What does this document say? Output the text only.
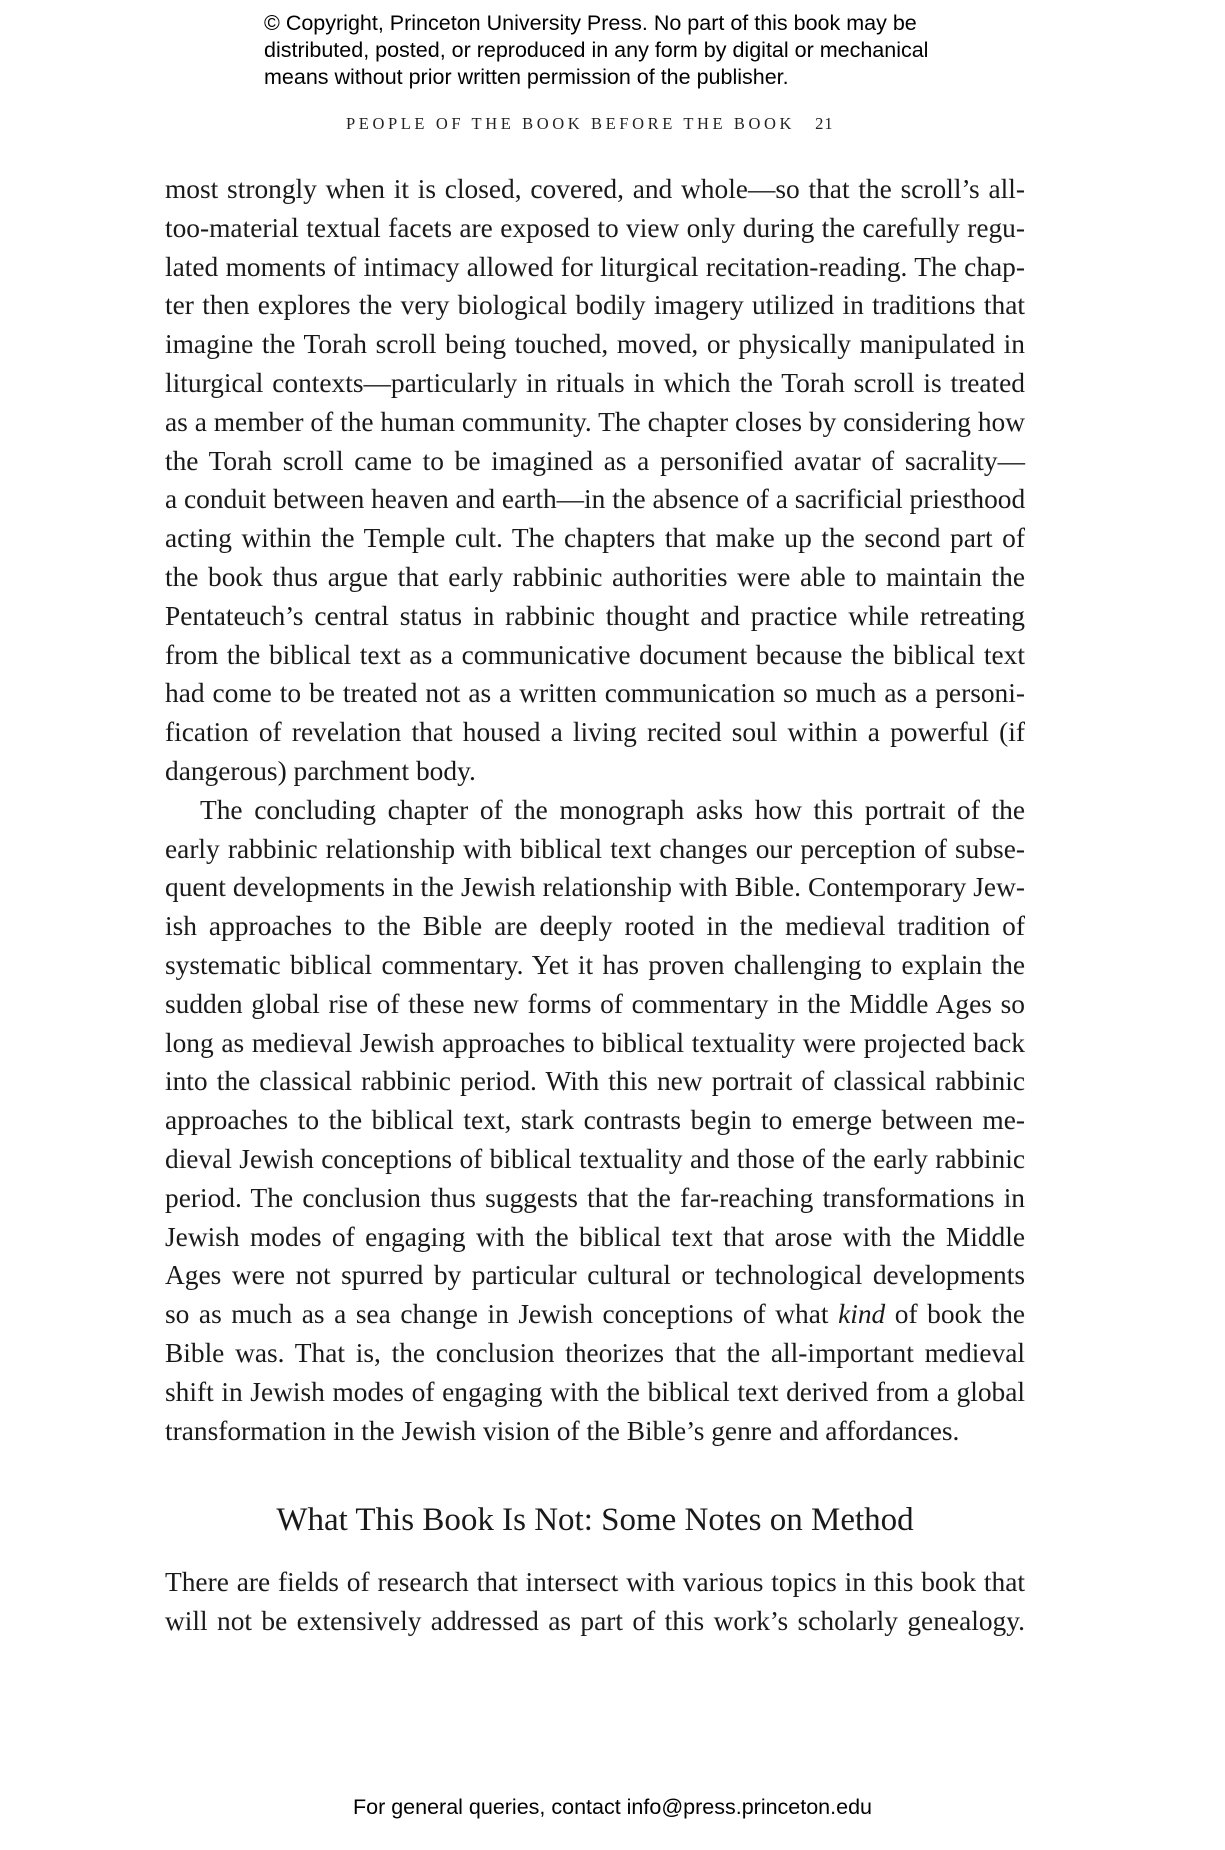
© Copyright, Princeton University Press. No part of this book may be
distributed, posted, or reproduced in any form by digital or mechanical
means without prior written permission of the publisher.
PEOPLE OF THE BOOK BEFORE THE BOOK 21
most strongly when it is closed, covered, and whole—so that the scroll’s all-
too-material textual facets are exposed to view only during the carefully regu-
lated moments of intimacy allowed for liturgical recitation-reading. The chap-
ter then explores the very biological bodily imagery utilized in traditions that
imagine the Torah scroll being touched, moved, or physically manipulated in
liturgical contexts—particularly in rituals in which the Torah scroll is treated
as a member of the human community. The chapter closes by considering how
the Torah scroll came to be imagined as a personified avatar of sacrality—
a conduit between heaven and earth—in the absence of a sacrificial priesthood
acting within the Temple cult. The chapters that make up the second part of
the book thus argue that early rabbinic authorities were able to maintain the
Pentateuch’s central status in rabbinic thought and practice while retreating
from the biblical text as a communicative document because the biblical text
had come to be treated not as a written communication so much as a personi-
fication of revelation that housed a living recited soul within a powerful (if
dangerous) parchment body.
The concluding chapter of the monograph asks how this portrait of the
early rabbinic relationship with biblical text changes our perception of subse-
quent developments in the Jewish relationship with Bible. Contemporary Jew-
ish approaches to the Bible are deeply rooted in the medieval tradition of
systematic biblical commentary. Yet it has proven challenging to explain the
sudden global rise of these new forms of commentary in the Middle Ages so
long as medieval Jewish approaches to biblical textuality were projected back
into the classical rabbinic period. With this new portrait of classical rabbinic
approaches to the biblical text, stark contrasts begin to emerge between me-
dieval Jewish conceptions of biblical textuality and those of the early rabbinic
period. The conclusion thus suggests that the far-reaching transformations in
Jewish modes of engaging with the biblical text that arose with the Middle
Ages were not spurred by particular cultural or technological developments
so as much as a sea change in Jewish conceptions of what kind of book the
Bible was. That is, the conclusion theorizes that the all-important medieval
shift in Jewish modes of engaging with the biblical text derived from a global
transformation in the Jewish vision of the Bible’s genre and affordances.
What This Book Is Not: Some Notes on Method
There are fields of research that intersect with various topics in this book that
will not be extensively addressed as part of this work’s scholarly genealogy.
For general queries, contact info@press.princeton.edu
